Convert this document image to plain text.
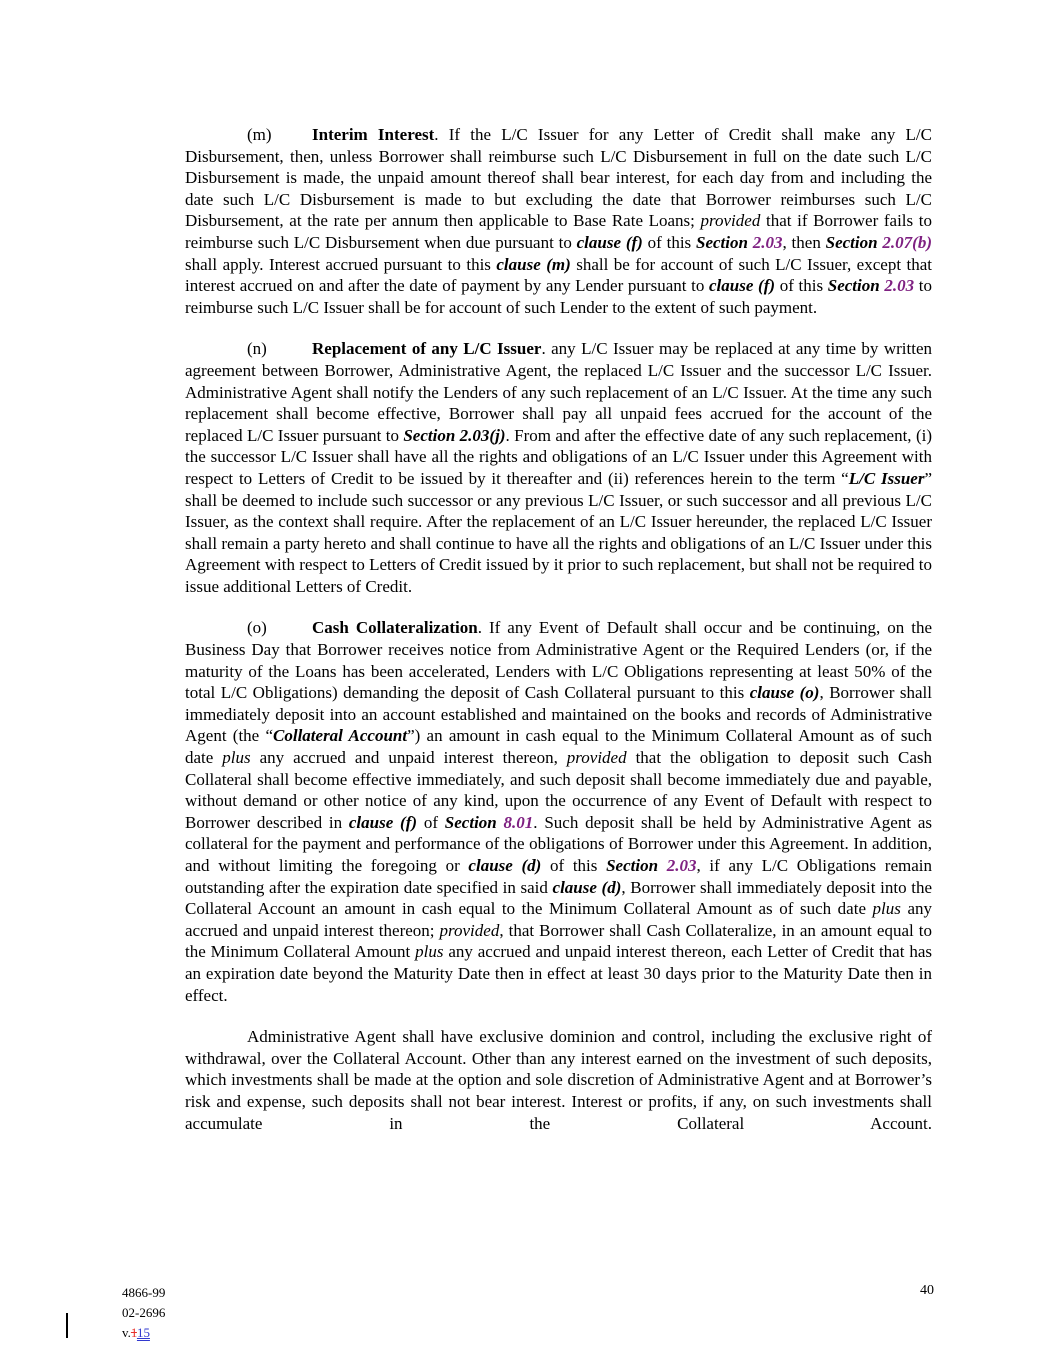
(m) Interim Interest. If the L/C Issuer for any Letter of Credit shall make any L/C Disbursement, then, unless Borrower shall reimburse such L/C Disbursement in full on the date such L/C Disbursement is made, the unpaid amount thereof shall bear interest, for each day from and including the date such L/C Disbursement is made to but excluding the date that Borrower reimburses such L/C Disbursement, at the rate per annum then applicable to Base Rate Loans; provided that if Borrower fails to reimburse such L/C Disbursement when due pursuant to clause (f) of this Section 2.03, then Section 2.07(b) shall apply. Interest accrued pursuant to this clause (m) shall be for account of such L/C Issuer, except that interest accrued on and after the date of payment by any Lender pursuant to clause (f) of this Section 2.03 to reimburse such L/C Issuer shall be for account of such Lender to the extent of such payment.

(n)	Replacement of any L/C Issuer. any L/C Issuer may be replaced at any time by written agreement between Borrower, Administrative Agent, the replaced L/C Issuer and the successor L/C Issuer. Administrative Agent shall notify the Lenders of any such replacement of an L/C Issuer. At the time any such replacement shall become effective, Borrower shall pay all unpaid fees accrued for the account of the replaced L/C Issuer pursuant to Section 2.03(j). From and after the effective date of any such replacement, (i) the successor L/C Issuer shall have all the rights and obligations of an L/C Issuer under this Agreement with respect to Letters of Credit to be issued by it thereafter and (ii) references herein to the term “L/C Issuer” shall be deemed to include such successor or any previous L/C Issuer, or such successor and all previous L/C Issuer, as the context shall require. After the replacement of an L/C Issuer hereunder, the replaced L/C Issuer shall remain a party hereto and shall continue to have all the rights and obligations of an L/C Issuer under this Agreement with respect to Letters of Credit issued by it prior to such replacement, but shall not be required to issue additional Letters of Credit.

(o)	Cash Collateralization. If any Event of Default shall occur and be continuing, on the Business Day that Borrower receives notice from Administrative Agent or the Required Lenders (or, if the maturity of the Loans has been accelerated, Lenders with L/C Obligations representing at least 50% of the total L/C Obligations) demanding the deposit of Cash Collateral pursuant to this clause (o), Borrower shall immediately deposit into an account established and maintained on the books and records of Administrative Agent (the “Collateral Account”) an amount in cash equal to the Minimum Collateral Amount as of such date plus any accrued and unpaid interest thereon, provided that the obligation to deposit such Cash Collateral shall become effective immediately, and such deposit shall become immediately due and payable, without demand or other notice of any kind, upon the occurrence of any Event of Default with respect to Borrower described in clause (f) of Section 8.01. Such deposit shall be held by Administrative Agent as collateral for the payment and performance of the obligations of Borrower under this Agreement. In addition, and without limiting the foregoing or clause (d) of this Section 2.03, if any L/C Obligations remain outstanding after the expiration date specified in said clause (d), Borrower shall immediately deposit into the Collateral Account an amount in cash equal to the Minimum Collateral Amount as of such date plus any accrued and unpaid interest thereon; provided, that Borrower shall Cash Collateralize, in an amount equal to the Minimum Collateral Amount plus any accrued and unpaid interest thereon, each Letter of Credit that has an expiration date beyond the Maturity Date then in effect at least 30 days prior to the Maturity Date then in effect.

Administrative Agent shall have exclusive dominion and control, including the exclusive right of withdrawal, over the Collateral Account. Other than any interest earned on the investment of such deposits, which investments shall be made at the option and sole discretion of Administrative Agent and at Borrower’s risk and expense, such deposits shall not bear interest. Interest or profits, if any, on such investments shall accumulate in the Collateral Account.

4866-99
02-2696
v.115
40
